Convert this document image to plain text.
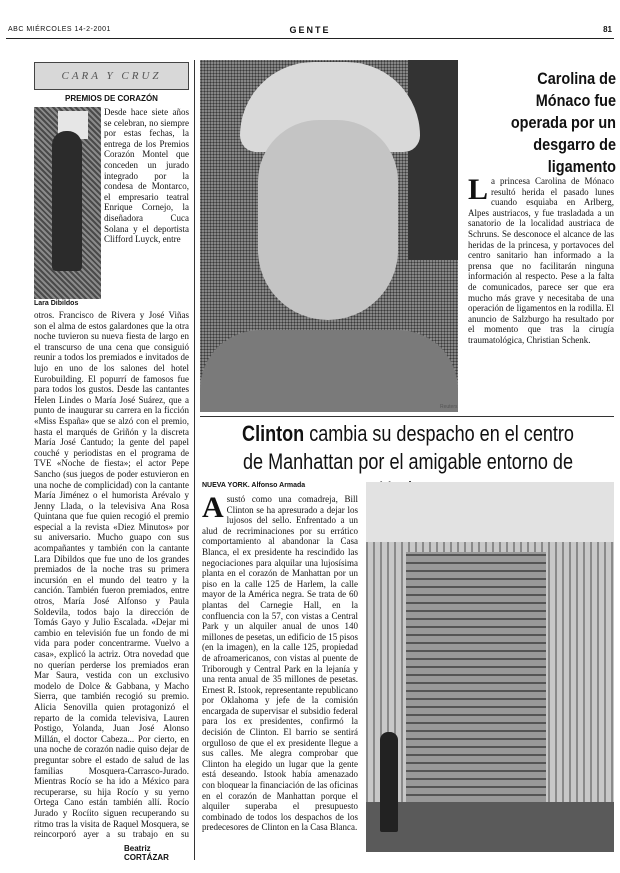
ABC MIÉRCOLES 14-2-2001	GENTE	81
CARA Y CRUZ
PREMIOS DE CORAZÓN
Lara Dibildos
Desde hace siete años se celebran, no siempre por estas fechas, la entrega de los Premios Corazón Montel que conceden un jurado integrado por la condesa de Montarco, el empresario teatral Enrique Cornejo, la diseñadora Cuca Solana y el deportista Clifford Luyck, entre
otros. Francisco de Rivera y José Viñas son el alma de estos galardones que la otra noche tuvieron su nueva fiesta de largo en el transcurso de una cena que consiguió reunir a todos los premiados e invitados de lujo en uno de los salones del hotel Eurobuilding. El popurrí de famosos fue para todos los gustos. Desde las cantantes Helen Lindes o María José Suárez, que a punto de inaugurar su carrera en la ficción «Miss España» que se alzó con el premio, hasta el marqués de Griñón y la discreta María José Cantudo; la gente del papel couché y periodistas en el programa de TVE «Noche de fiesta»; el actor Pepe Sancho (sus juegos de poder estuvieron en una noche de complicidad) con la cantante María Jiménez o el humorista Arévalo y Jenny Llada, o la televisiva Ana Rosa Quintana que fue quien recogió el premio especial a la revista «Diez Minutos» por su aniversario. Mucho guapo con sus acompañantes y también con la cantante Lara Dibildos que fue uno de los grandes premiados de la noche tras su primera incursión en el mundo del teatro y la canción. También fueron premiados, entre otros, María José Alfonso y Paula Soldevila, todos bajo la dirección de Tomás Gayo y Julio Escalada. «Dejar mi cambio en televisión fue un fondo de mi vida para poder concentrarme. Vuelvo a casa», explicó la actriz. Otra novedad que no querían perderse los premiados eran Mar Saura, vestida con un exclusivo modelo de Dolce & Gabbana, y Macho Sierra, que también recogió su premio. Alicia Senovilla quien protagonizó el reparto de la comida televisiva, Lauren Postigo, Yolanda, Juan José Alonso Millán, el doctor Cabeza... Por cierto, en una noche de corazón nadie quiso dejar de preguntar sobre el estado de salud de las familias Mosquera-Carrasco-Jurado. Mientras Rocío se ha ido a México para recuperarse, su hija Rocío y su yerno Ortega Cano están también allí. Rocío Jurado y Rocíito siguen recuperando su ritmo tras la visita de Raquel Mosquera, se reincorporó ayer a su trabajo en su
Beatriz CORTÁZAR
Reuters
Carolina de Mónaco fue operada por un desgarro de ligamento
La princesa Carolina de Mónaco resultó herida el pasado lunes cuando esquiaba en Arlberg, Alpes austriacos, y fue trasladada a un sanatorio de la localidad austriaca de Schruns. Se desconoce el alcance de las heridas de la princesa, y portavoces del centro sanitario han informado a la prensa que no facilitarán ninguna información al respecto. Pese a la falta de comunicados, parece ser que era mucho más grave y necesitaba de una operación de ligamentos en la rodilla. El anuncio de Salzburgo ha resultado por el momento que tras la cirugía traumatológica, Christian Schenk.
Clinton cambia su despacho en el centro
de Manhattan por el amigable entorno de
NUEVA YORK. Alfonso Armada
Asustó como una comadreja, Bill Clinton se ha apresurado a dejar los lujosos del sello. Enfrentado a un alud de recriminaciones por su errático comportamiento al abandonar la Casa Blanca, el ex presidente ha rescindido las negociaciones para alquilar una lujosísima planta en el corazón de Manhattan por un piso en la calle 125 de Harlem, la calle mayor de la América negra. Se trata de 60 plantas del Carnegie Hall, en la confluencia con la 57, con vistas a Central Park y un alquiler anual de unos 140 millones de pesetas, un edificio de 15 pisos (en la imagen), en la calle 125, propiedad de afroamericanos, con vistas al puente de Triborough y Central Park en la lejanía y una renta anual de 35 millones de pesetas. Ernest R. Istook, representante republicano por Oklahoma y jefe de la comisión encargada de supervisar el subsidio federal para los ex presidentes, confirmó la decisión de Clinton. El barrio se sentirá orgulloso de que el ex presidente llegue a sus calles. Me alegra comprobar que Clinton ha elegido un lugar que la gente está deseando. Istook había amenazado con bloquear la financiación de las oficinas en el corazón de Manhattan porque el alquiler superaba el presupuesto combinado de todos los despachos de los predecesores de Clinton en la Casa Blanca.
